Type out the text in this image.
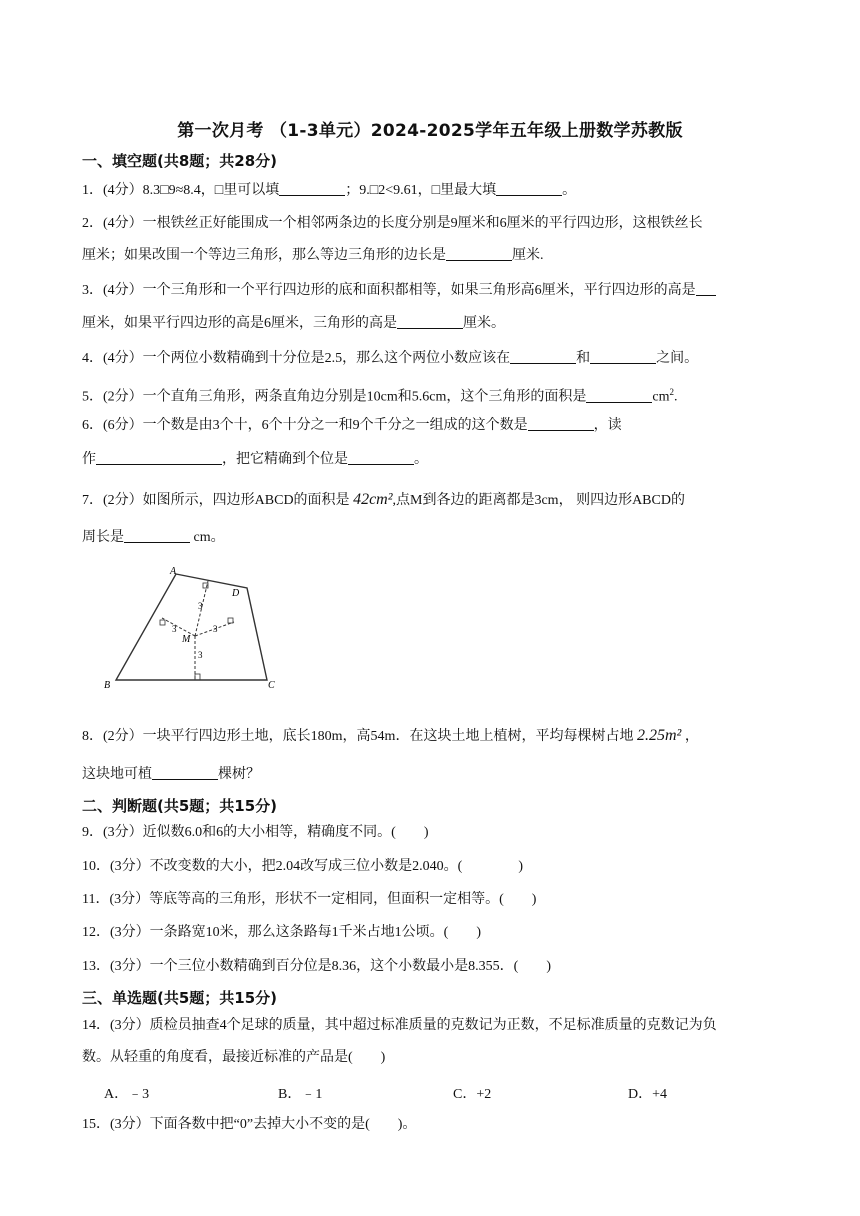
第一次月考 （1-3单元）2024-2025学年五年级上册数学苏教版
一、填空题(共8题；共28分)
1．(4分）8.3□9≈8.4，□里可以填	；9.□2<9.61，□里最大填	。
2．(4分）一根铁丝正好能围成一个相邻两条边的长度分别是9厘米和6厘米的平行四边形，这根铁丝长
厘米；如果改围一个等边三角形，那么等边三角形的边长是	厘米.
3．(4分）一个三角形和一个平行四边形的底和面积都相等，如果三角形高6厘米，平行四边形的高是
厘米，如果平行四边形的高是6厘米，三角形的高是	厘米。
4．(4分）一个两位小数精确到十分位是2.5，那么这个两位小数应该在	和	之间。
5．(2分）一个直角三角形，两条直角边分别是10cm和5.6cm，这个三角形的面积是	$cm^2$.
6．(6分）一个数是由3个十，6个十分之一和9个千分之一组成的这个数是	，读
作	，把它精确到个位是	。
7．(2分）如图所示，四边形ABCD的面积是 42cm²,点M到各边的距离都是3cm， 则四边形ABCD的
周长是	cm。
A
B	C
D
M
3
3	3
3
8．(2分）一块平行四边形土地，底长180m，高54m．在这块土地上植树，平均每棵树占地 2.25m² ，
这块地可植	棵树？
二、判断题(共5题；共15分)
9．(3分）近似数6.0和6的大小相等，精确度不同。(　　)
10．(3分）不改变数的大小，把2.04改写成三位小数是2.040。(　　　　)
11．(3分）等底等高的三角形，形状不一定相同，但面积一定相等。(　　)
12．(3分）一条路宽10米，那么这条路每1千米占地1公顷。(　　)
13．(3分）一个三位小数精确到百分位是8.36，这个小数最小是8.355．(　　)
三、单选题(共5题；共15分)
14．(3分）质检员抽查4个足球的质量，其中超过标准质量的克数记为正数，不足标准质量的克数记为负
数。从轻重的角度看，最接近标准的产品是(　　)
A．﹣3	B．﹣1	C．+2	D．+4
15．(3分）下面各数中把“0”去掉大小不变的是(　　)。
